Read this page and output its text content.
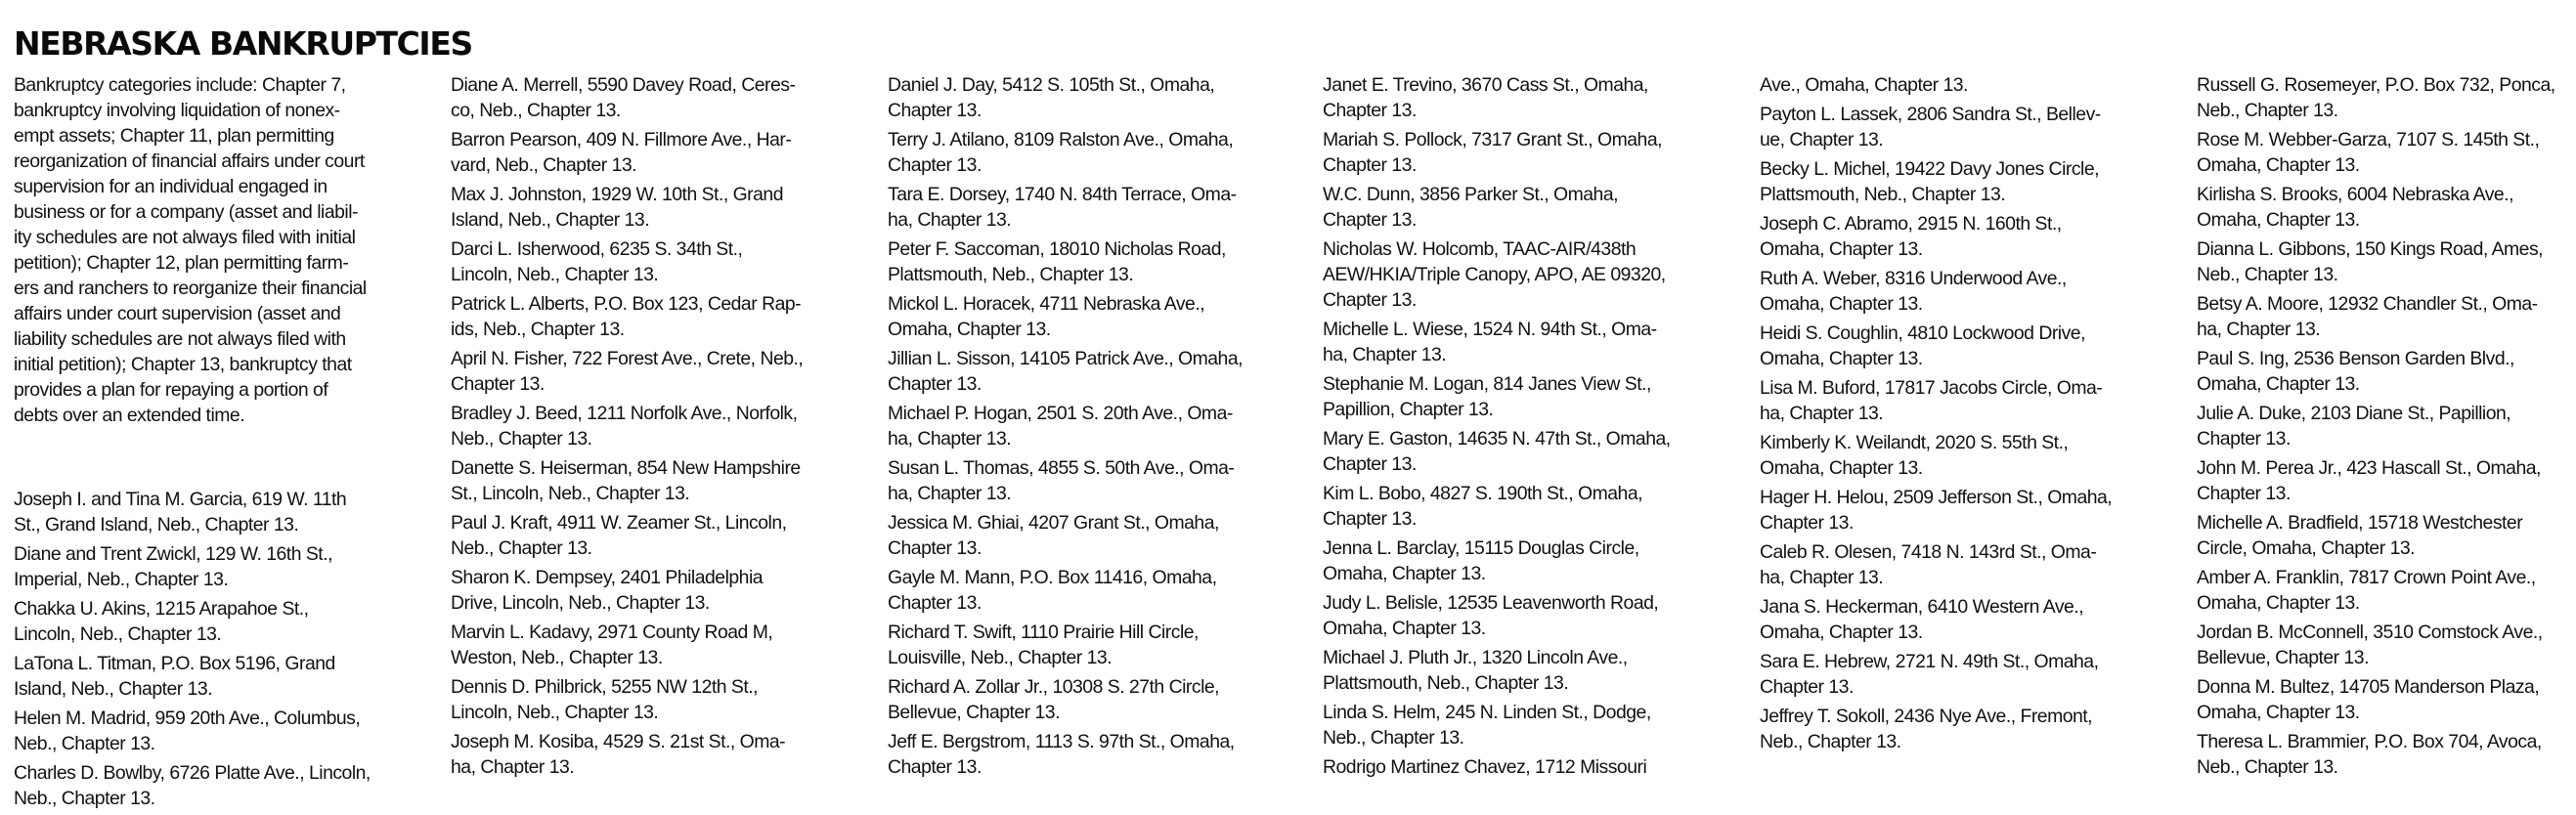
NEBRASKA BANKRUPTCIES
Bankruptcy categories include: Chapter 7,
bankruptcy involving liquidation of nonex-
empt assets; Chapter 11, plan permitting
reorganization of financial affairs under court
supervision for an individual engaged in
business or for a company (asset and liabil-
ity schedules are not always filed with initial
petition); Chapter 12, plan permitting farm-
ers and ranchers to reorganize their financial
affairs under court supervision (asset and
liability schedules are not always filed with
initial petition); Chapter 13, bankruptcy that
provides a plan for repaying a portion of
debts over an extended time.
Joseph I. and Tina M. Garcia, 619 W. 11th
St., Grand Island, Neb., Chapter 13.
Diane and Trent Zwickl, 129 W. 16th St.,
Imperial, Neb., Chapter 13.
Chakka U. Akins, 1215 Arapahoe St.,
Lincoln, Neb., Chapter 13.
LaTona L. Titman, P.O. Box 5196, Grand
Island, Neb., Chapter 13.
Helen M. Madrid, 959 20th Ave., Columbus,
Neb., Chapter 13.
Charles D. Bowlby, 6726 Platte Ave., Lincoln,
Neb., Chapter 13.
Diane A. Merrell, 5590 Davey Road, Ceres-
co, Neb., Chapter 13.
Barron Pearson, 409 N. Fillmore Ave., Har-
vard, Neb., Chapter 13.
Max J. Johnston, 1929 W. 10th St., Grand
Island, Neb., Chapter 13.
Darci L. Isherwood, 6235 S. 34th St.,
Lincoln, Neb., Chapter 13.
Patrick L. Alberts, P.O. Box 123, Cedar Rap-
ids, Neb., Chapter 13.
April N. Fisher, 722 Forest Ave., Crete, Neb.,
Chapter 13.
Bradley J. Beed, 1211 Norfolk Ave., Norfolk,
Neb., Chapter 13.
Danette S. Heiserman, 854 New Hampshire
St., Lincoln, Neb., Chapter 13.
Paul J. Kraft, 4911 W. Zeamer St., Lincoln,
Neb., Chapter 13.
Sharon K. Dempsey, 2401 Philadelphia
Drive, Lincoln, Neb., Chapter 13.
Marvin L. Kadavy, 2971 County Road M,
Weston, Neb., Chapter 13.
Dennis D. Philbrick, 5255 NW 12th St.,
Lincoln, Neb., Chapter 13.
Joseph M. Kosiba, 4529 S. 21st St., Oma-
ha, Chapter 13.
Daniel J. Day, 5412 S. 105th St., Omaha,
Chapter 13.
Terry J. Atilano, 8109 Ralston Ave., Omaha,
Chapter 13.
Tara E. Dorsey, 1740 N. 84th Terrace, Oma-
ha, Chapter 13.
Peter F. Saccoman, 18010 Nicholas Road,
Plattsmouth, Neb., Chapter 13.
Mickol L. Horacek, 4711 Nebraska Ave.,
Omaha, Chapter 13.
Jillian L. Sisson, 14105 Patrick Ave., Omaha,
Chapter 13.
Michael P. Hogan, 2501 S. 20th Ave., Oma-
ha, Chapter 13.
Susan L. Thomas, 4855 S. 50th Ave., Oma-
ha, Chapter 13.
Jessica M. Ghiai, 4207 Grant St., Omaha,
Chapter 13.
Gayle M. Mann, P.O. Box 11416, Omaha,
Chapter 13.
Richard T. Swift, 1110 Prairie Hill Circle,
Louisville, Neb., Chapter 13.
Richard A. Zollar Jr., 10308 S. 27th Circle,
Bellevue, Chapter 13.
Jeff E. Bergstrom, 1113 S. 97th St., Omaha,
Chapter 13.
Janet E. Trevino, 3670 Cass St., Omaha,
Chapter 13.
Mariah S. Pollock, 7317 Grant St., Omaha,
Chapter 13.
W.C. Dunn, 3856 Parker St., Omaha,
Chapter 13.
Nicholas W. Holcomb, TAAC-AIR/438th
AEW/HKIA/Triple Canopy, APO, AE 09320,
Chapter 13.
Michelle L. Wiese, 1524 N. 94th St., Oma-
ha, Chapter 13.
Stephanie M. Logan, 814 Janes View St.,
Papillion, Chapter 13.
Mary E. Gaston, 14635 N. 47th St., Omaha,
Chapter 13.
Kim L. Bobo, 4827 S. 190th St., Omaha,
Chapter 13.
Jenna L. Barclay, 15115 Douglas Circle,
Omaha, Chapter 13.
Judy L. Belisle, 12535 Leavenworth Road,
Omaha, Chapter 13.
Michael J. Pluth Jr., 1320 Lincoln Ave.,
Plattsmouth, Neb., Chapter 13.
Linda S. Helm, 245 N. Linden St., Dodge,
Neb., Chapter 13.
Rodrigo Martinez Chavez, 1712 Missouri
Ave., Omaha, Chapter 13.
Payton L. Lassek, 2806 Sandra St., Bellev-
ue, Chapter 13.
Becky L. Michel, 19422 Davy Jones Circle,
Plattsmouth, Neb., Chapter 13.
Joseph C. Abramo, 2915 N. 160th St.,
Omaha, Chapter 13.
Ruth A. Weber, 8316 Underwood Ave.,
Omaha, Chapter 13.
Heidi S. Coughlin, 4810 Lockwood Drive,
Omaha, Chapter 13.
Lisa M. Buford, 17817 Jacobs Circle, Oma-
ha, Chapter 13.
Kimberly K. Weilandt, 2020 S. 55th St.,
Omaha, Chapter 13.
Hager H. Helou, 2509 Jefferson St., Omaha,
Chapter 13.
Caleb R. Olesen, 7418 N. 143rd St., Oma-
ha, Chapter 13.
Jana S. Heckerman, 6410 Western Ave.,
Omaha, Chapter 13.
Sara E. Hebrew, 2721 N. 49th St., Omaha,
Chapter 13.
Jeffrey T. Sokoll, 2436 Nye Ave., Fremont,
Neb., Chapter 13.
Russell G. Rosemeyer, P.O. Box 732, Ponca,
Neb., Chapter 13.
Rose M. Webber-Garza, 7107 S. 145th St.,
Omaha, Chapter 13.
Kirlisha S. Brooks, 6004 Nebraska Ave.,
Omaha, Chapter 13.
Dianna L. Gibbons, 150 Kings Road, Ames,
Neb., Chapter 13.
Betsy A. Moore, 12932 Chandler St., Oma-
ha, Chapter 13.
Paul S. Ing, 2536 Benson Garden Blvd.,
Omaha, Chapter 13.
Julie A. Duke, 2103 Diane St., Papillion,
Chapter 13.
John M. Perea Jr., 423 Hascall St., Omaha,
Chapter 13.
Michelle A. Bradfield, 15718 Westchester
Circle, Omaha, Chapter 13.
Amber A. Franklin, 7817 Crown Point Ave.,
Omaha, Chapter 13.
Jordan B. McConnell, 3510 Comstock Ave.,
Bellevue, Chapter 13.
Donna M. Bultez, 14705 Manderson Plaza,
Omaha, Chapter 13.
Theresa L. Brammier, P.O. Box 704, Avoca,
Neb., Chapter 13.
